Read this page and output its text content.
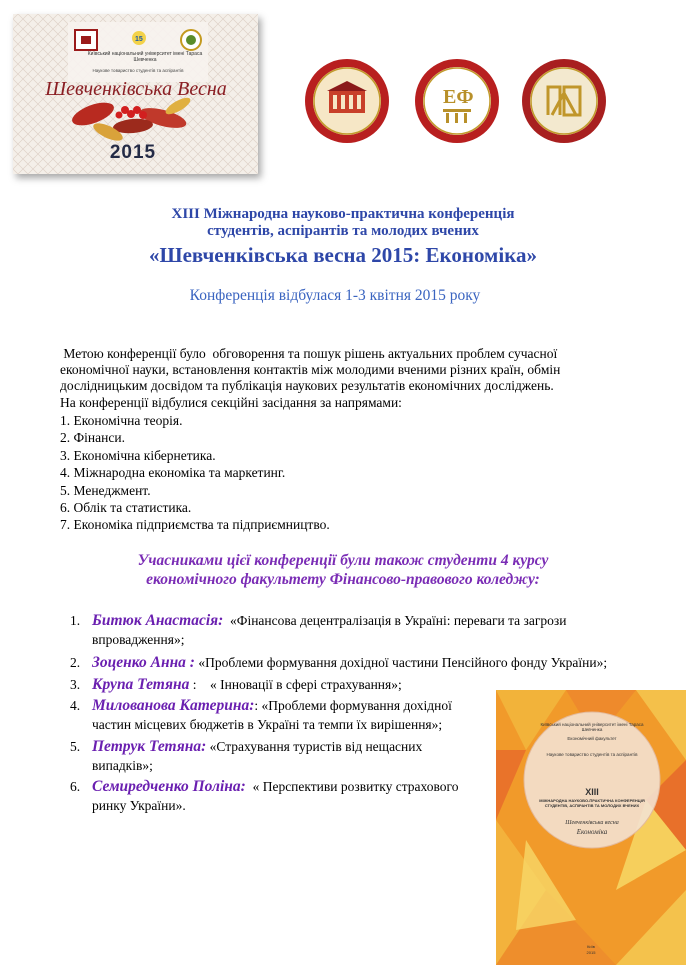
15
Київський національний університет імені Тараса Шевченка
Наукове товариство студентів та аспірантів
Шевченківська Весна
2015
ЕФ
XIII Міжнародна науково-практична конференція
студентів, аспірантів та молодих вчених
«Шевченківська весна 2015: Економіка»
Конференція відбулася 1-3 квітня 2015 року
Метою конференції було  обговорення та пошук рішень актуальних проблем сучасної
економічної науки, встановлення контактів між молодими вченими різних країн, обмін
дослідницьким досвідом та публікація наукових результатів економічних досліджень.
На конференції відбулися секційні засідання за напрямами:
1. Економічна теорія.
2. Фінанси.
3. Економічна кібернетика.
4. Міжнародна економіка та маркетинг.
5. Менеджмент.
6. Облік та статистика.
7. Економіка підприємства та підприємництво.
Учасниками цієї конференції були також студенти 4 курсу
економічного факультету Фінансово-правового коледжу:
1. Битюк Анастасія:  «Фінансова децентралізація в Україні: переваги та загрози
впровадження»;
2. Зоценко Анна : «Проблеми формування дохідної частини Пенсійного фонду України»;
3. Крупа Тетяна :    « Інновації в сфері страхування»;
4. Милованова Катерина:: «Проблеми формування дохідної
частин місцевих бюджетів в Україні та темпи їх вирішення»;
5. Петрук Тетяна: «Страхування туристів від нещасних
випадків»;
6. Семиредченко Поліна:  « Перспективи розвитку страхового
ринку України».
Київський національний університет імені Тараса Шевченка
Економічний факультет
Наукове товариство студентів та аспірантів
XIII
МІЖНАРОДНА НАУКОВО-ПРАКТИЧНА КОНФЕРЕНЦІЯ СТУДЕНТІВ, АСПІРАНТІВ ТА МОЛОДИХ ВЧЕНИХ
Шевченківська весна
Економіка
Київ
2015
